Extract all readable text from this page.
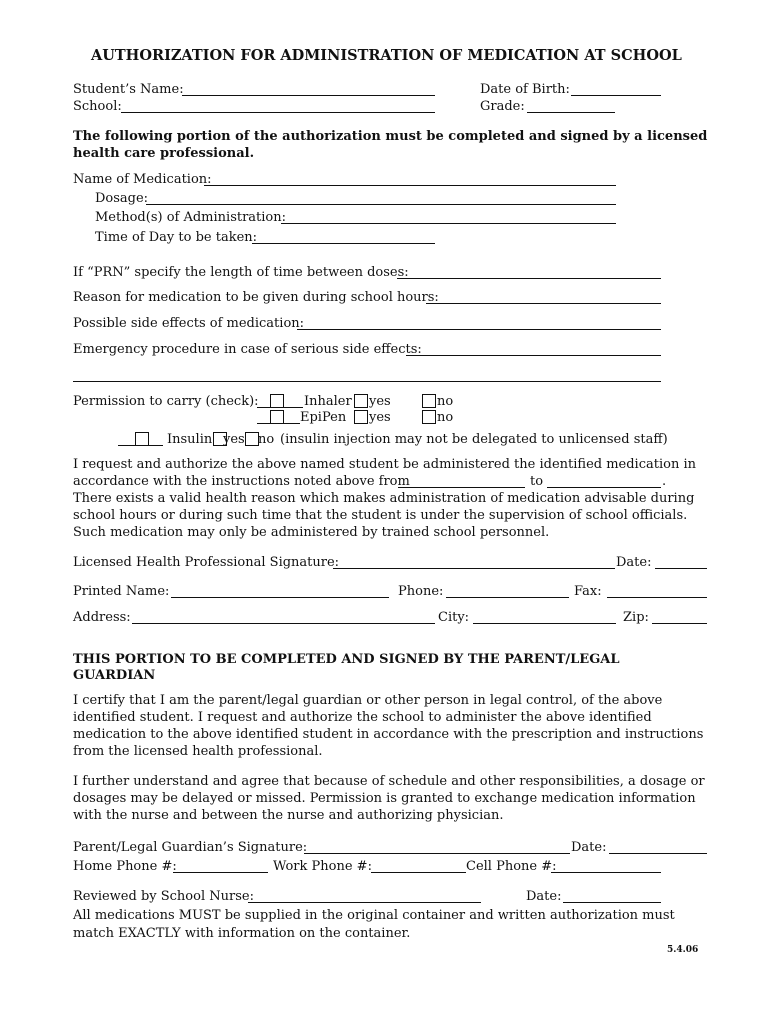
AUTHORIZATION FOR ADMINISTRATION OF MEDICATION AT SCHOOL
Student’s Name:	Date of Birth:
School:	Grade:
The following portion of the authorization must be completed and signed by a licensed
health care professional.
Name of Medication:
Dosage:
Method(s) of Administration:
Time of Day to be taken:
If “PRN” specify the length of time between doses:
Reason for medication to be given during school hours:
Possible side effects of medication:
Emergency procedure in case of serious side effects:
Permission to carry (check):	Inhaler yes	no
EpiPen yes	no
Insulin yes no (insulin injection may not be delegated to unlicensed staff)
I request and authorize the above named student be administered the identified medication in
accordance with the instructions noted above from	to	.
There exists a valid health reason which makes administration of medication advisable during
school hours or during such time that the student is under the supervision of school officials.
Such medication may only be administered by trained school personnel.
Licensed Health Professional Signature:	Date:
Printed Name:	Phone:	Fax:
Address:	City:	Zip:
THIS PORTION TO BE COMPLETED AND SIGNED BY THE PARENT/LEGAL
GUARDIAN
I certify that I am the parent/legal guardian or other person in legal control, of the above
identified student. I request and authorize the school to administer the above identified
medication to the above identified student in accordance with the prescription and instructions
from the licensed health professional.
I further understand and agree that because of schedule and other responsibilities, a dosage or
dosages may be delayed or missed. Permission is granted to exchange medication information
with the nurse and between the nurse and authorizing physician.
Parent/Legal Guardian’s Signature:	Date:
Home Phone #:	Work Phone #:	Cell Phone #:
Reviewed by School Nurse:	Date:
All medications MUST be supplied in the original container and written authorization must
match EXACTLY with information on the container.
5.4.06
